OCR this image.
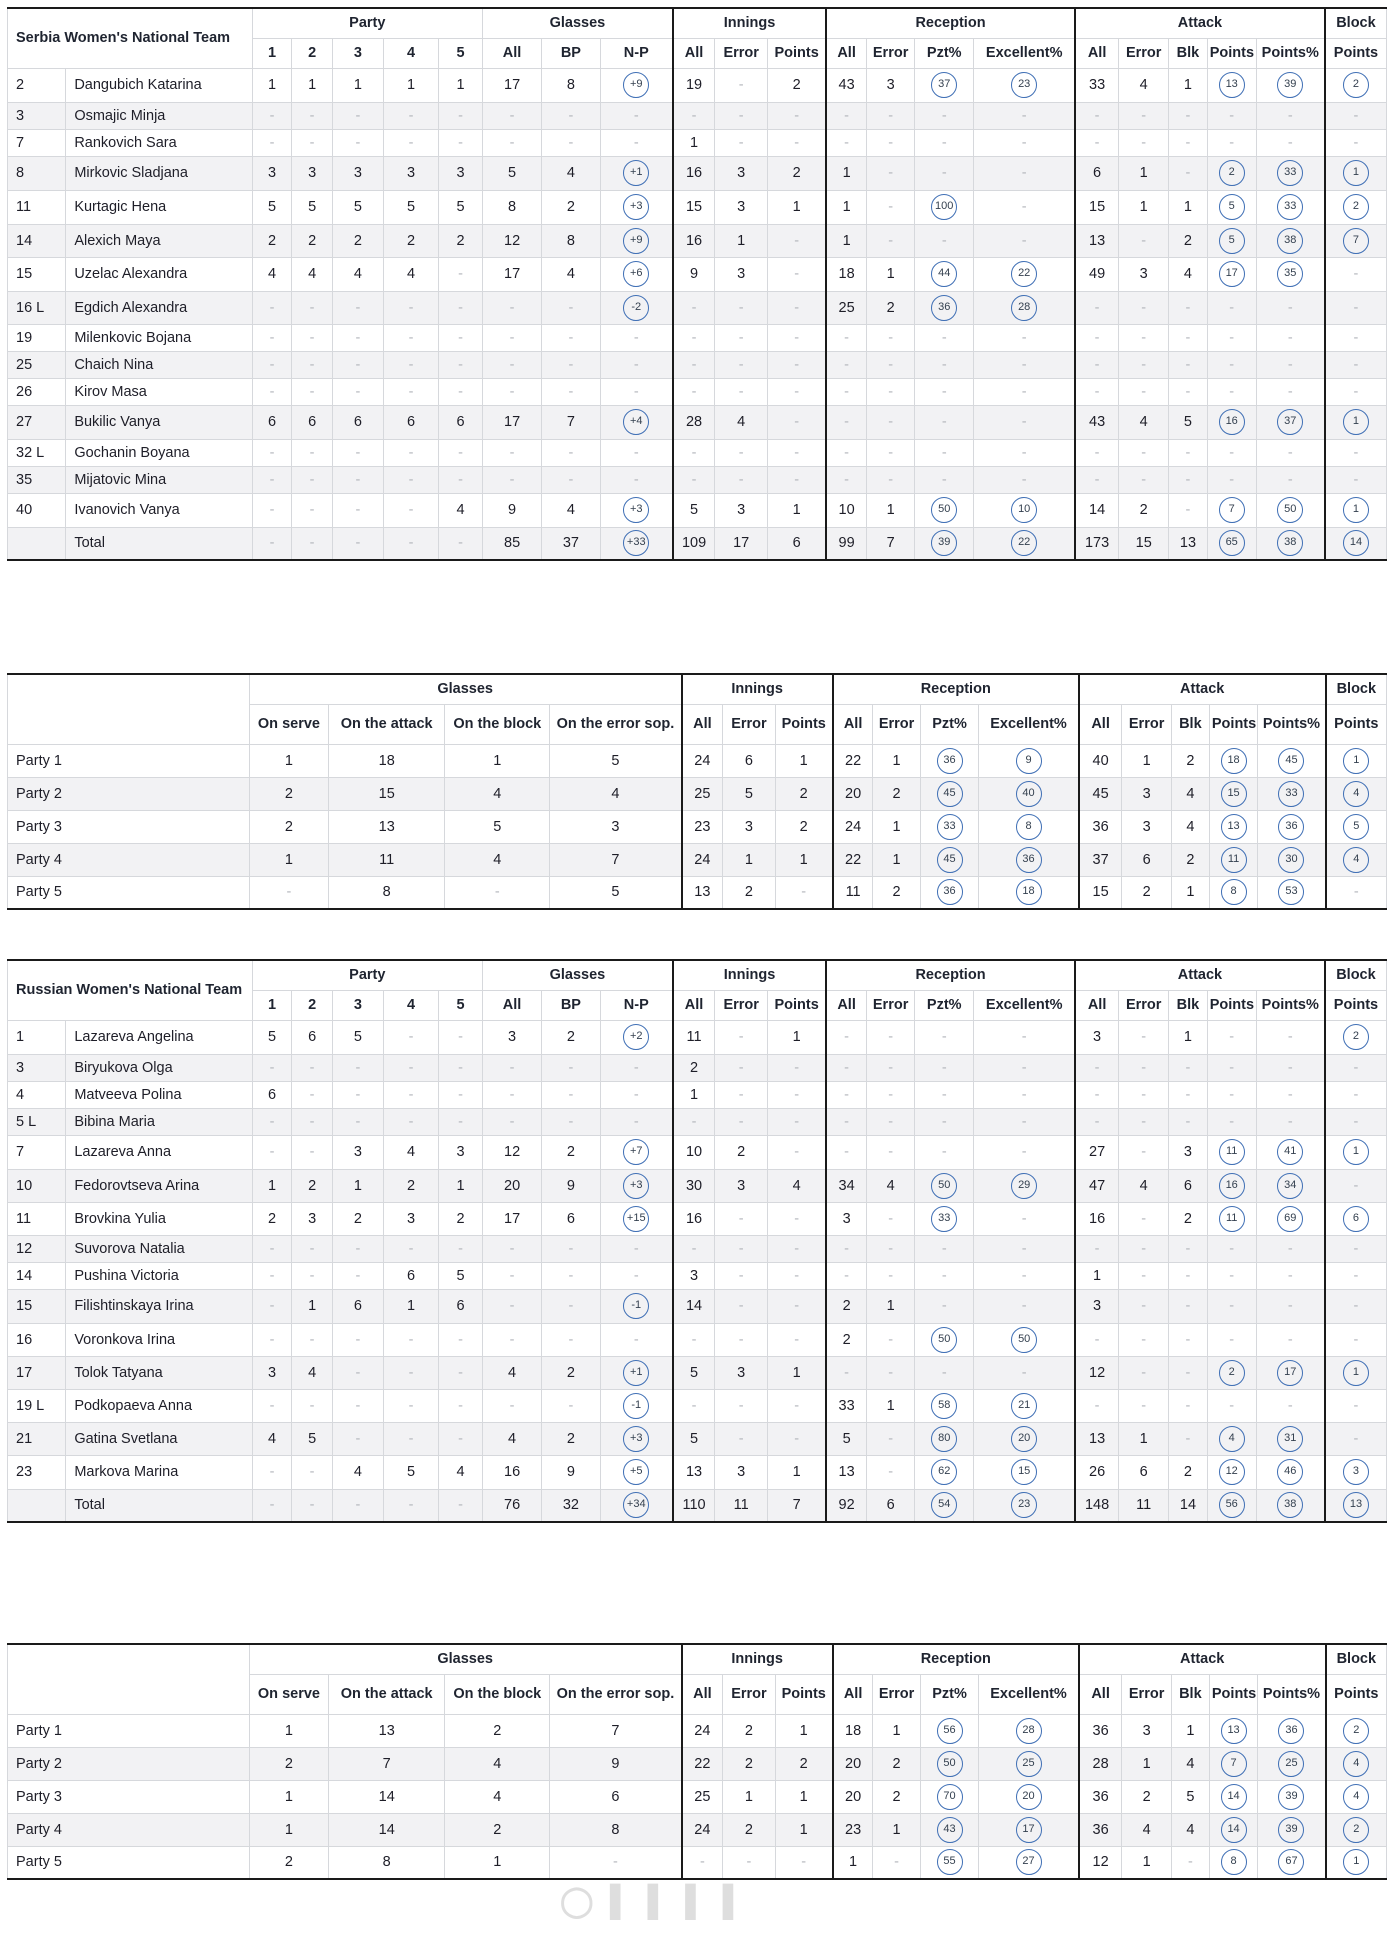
Serbia Women's National Team		Party					Glasses			Innings			Reception				Attack					Block
		1	2	3	4	5	All	BP	N-P	All	Error	Points	All	Error	Pzt%	Excellent%	All	Error	Blk	Points	Points%	Points
2	Dangubich Katarina	1	1	1	1	1	17	8	+9	19	-	2	43	3	37	23	33	4	1	13	39	2
3	Osmajic Minja	-	-	-	-	-	-	-	-	-	-	-	-	-	-	-	-	-	-	-	-	-
7	Rankovich Sara	-	-	-	-	-	-	-	-	1	-	-	-	-	-	-	-	-	-	-	-	-
8	Mirkovic Sladjana	3	3	3	3	3	5	4	+1	16	3	2	1	-	-	-	6	1	-	2	33	1
11	Kurtagic Hena	5	5	5	5	5	8	2	+3	15	3	1	1	-	100	-	15	1	1	5	33	2
14	Alexich Maya	2	2	2	2	2	12	8	+9	16	1	-	1	-	-	-	13	-	2	5	38	7
15	Uzelac Alexandra	4	4	4	4	-	17	4	+6	9	3	-	18	1	44	22	49	3	4	17	35	-
16 L	Egdich Alexandra	-	-	-	-	-	-	-	-2	-	-	-	25	2	36	28	-	-	-	-	-	-
19	Milenkovic Bojana	-	-	-	-	-	-	-	-	-	-	-	-	-	-	-	-	-	-	-	-	-
25	Chaich Nina	-	-	-	-	-	-	-	-	-	-	-	-	-	-	-	-	-	-	-	-	-
26	Kirov Masa	-	-	-	-	-	-	-	-	-	-	-	-	-	-	-	-	-	-	-	-	-
27	Bukilic Vanya	6	6	6	6	6	17	7	+4	28	4	-	-	-	-	-	43	4	5	16	37	1
32 L	Gochanin Boyana	-	-	-	-	-	-	-	-	-	-	-	-	-	-	-	-	-	-	-	-	-
35	Mijatovic Mina	-	-	-	-	-	-	-	-	-	-	-	-	-	-	-	-	-	-	-	-	-
40	Ivanovich Vanya	-	-	-	-	4	9	4	+3	5	3	1	10	1	50	10	14	2	-	7	50	1
	Total	-	-	-	-	-	85	37	+33	109	17	6	99	7	39	22	173	15	13	65	38	14
	Glasses				Innings			Reception				Attack					Block
	On serve	On the attack	On the block	On the error sop.	All	Error	Points	All	Error	Pzt%	Excellent%	All	Error	Blk	Points	Points%	Points
Party 1	1	18	1	5	24	6	1	22	1	36	9	40	1	2	18	45	1
Party 2	2	15	4	4	25	5	2	20	2	45	40	45	3	4	15	33	4
Party 3	2	13	5	3	23	3	2	24	1	33	8	36	3	4	13	36	5
Party 4	1	11	4	7	24	1	1	22	1	45	36	37	6	2	11	30	4
Party 5	-	8	-	5	13	2	-	11	2	36	18	15	2	1	8	53	-
Russian Women's National Team		Party					Glasses			Innings			Reception				Attack					Block
		1	2	3	4	5	All	BP	N-P	All	Error	Points	All	Error	Pzt%	Excellent%	All	Error	Blk	Points	Points%	Points
1	Lazareva Angelina	5	6	5	-	-	3	2	+2	11	-	1	-	-	-	-	3	-	1	-	-	2
3	Biryukova Olga	-	-	-	-	-	-	-	-	2	-	-	-	-	-	-	-	-	-	-	-	-
4	Matveeva Polina	6	-	-	-	-	-	-	-	1	-	-	-	-	-	-	-	-	-	-	-	-
5 L	Bibina Maria	-	-	-	-	-	-	-	-	-	-	-	-	-	-	-	-	-	-	-	-	-
7	Lazareva Anna	-	-	3	4	3	12	2	+7	10	2	-	-	-	-	-	27	-	3	11	41	1
10	Fedorovtseva Arina	1	2	1	2	1	20	9	+3	30	3	4	34	4	50	29	47	4	6	16	34	-
11	Brovkina Yulia	2	3	2	3	2	17	6	+15	16	-	-	3	-	33	-	16	-	2	11	69	6
12	Suvorova Natalia	-	-	-	-	-	-	-	-	-	-	-	-	-	-	-	-	-	-	-	-	-
14	Pushina Victoria	-	-	-	6	5	-	-	-	3	-	-	-	-	-	-	1	-	-	-	-	-
15	Filishtinskaya Irina	-	1	6	1	6	-	-	-1	14	-	-	2	1	-	-	3	-	-	-	-	-
16	Voronkova Irina	-	-	-	-	-	-	-	-	-	-	-	2	-	50	50	-	-	-	-	-	-
17	Tolok Tatyana	3	4	-	-	-	4	2	+1	5	3	1	-	-	-	-	12	-	-	2	17	1
19 L	Podkopaeva Anna	-	-	-	-	-	-	-	-1	-	-	-	33	1	58	21	-	-	-	-	-	-
21	Gatina Svetlana	4	5	-	-	-	4	2	+3	5	-	-	5	-	80	20	13	1	-	4	31	-
23	Markova Marina	-	-	4	5	4	16	9	+5	13	3	1	13	-	62	15	26	6	2	12	46	3
	Total	-	-	-	-	-	76	32	+34	110	11	7	92	6	54	23	148	11	14	56	38	13
	Glasses				Innings			Reception				Attack					Block
	On serve	On the attack	On the block	On the error sop.	All	Error	Points	All	Error	Pzt%	Excellent%	All	Error	Blk	Points	Points%	Points
Party 1	1	13	2	7	24	2	1	18	1	56	28	36	3	1	13	36	2
Party 2	2	7	4	9	22	2	2	20	2	50	25	28	1	4	7	25	4
Party 3	1	14	4	6	25	1	1	20	2	70	20	36	2	5	14	39	4
Party 4	1	14	2	8	24	2	1	23	1	43	17	36	4	4	14	39	2
Party 5	2	8	1	-	-	-	-	1	-	55	27	12	1	-	8	67	1
◯ ▌ ▌ ▌ ▌
